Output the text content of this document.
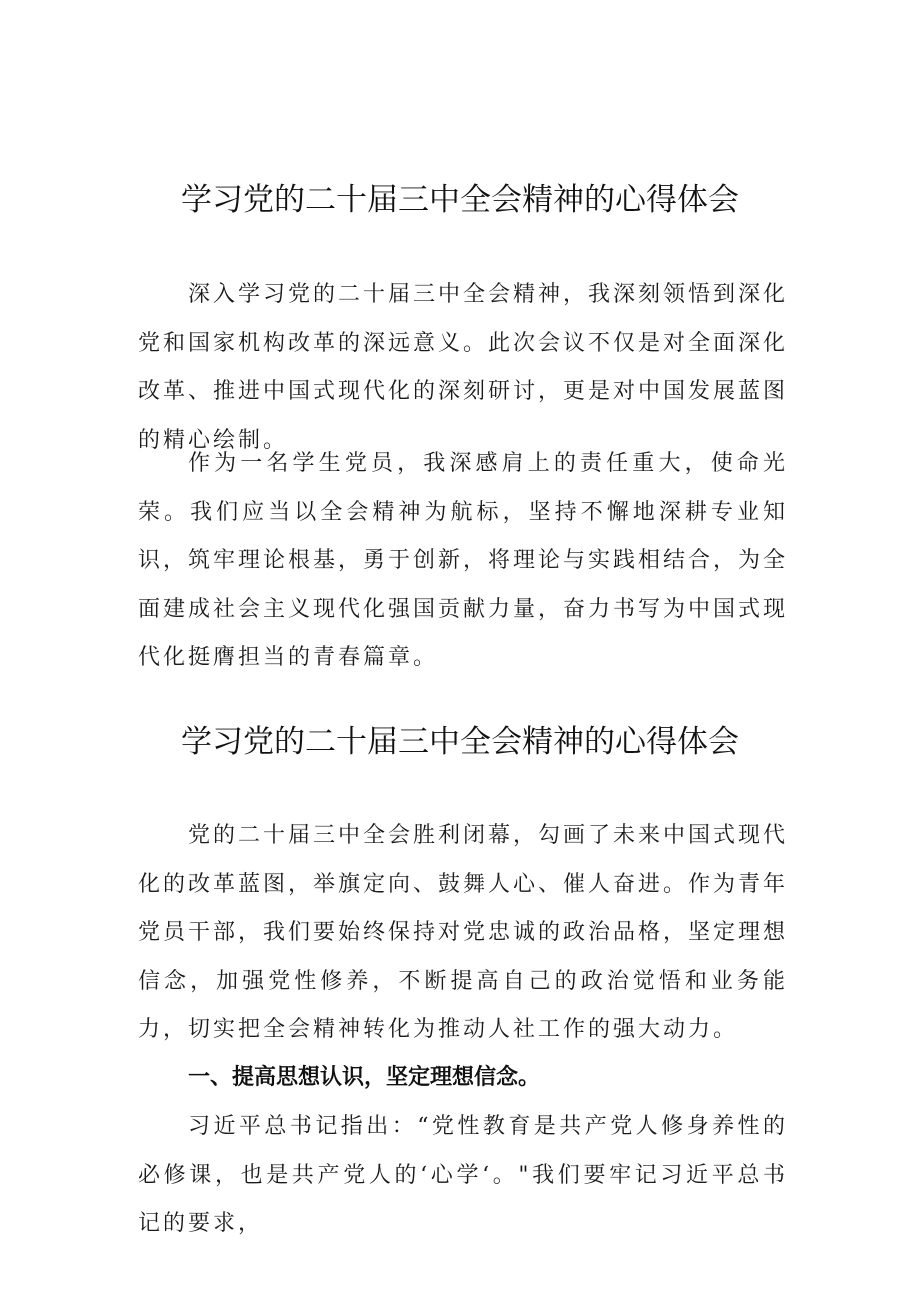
学习党的二十届三中全会精神的心得体会

深入学习党的二十届三中全会精神，我深刻领悟到深化党和国家机构改革的深远意义。此次会议不仅是对全面深化改革、推进中国式现代化的深刻研讨，更是对中国发展蓝图的精心绘制。

作为一名学生党员，我深感肩上的责任重大，使命光荣。我们应当以全会精神为航标，坚持不懈地深耕专业知识，筑牢理论根基，勇于创新，将理论与实践相结合，为全面建成社会主义现代化强国贡献力量，奋力书写为中国式现代化挺膺担当的青春篇章。

学习党的二十届三中全会精神的心得体会

党的二十届三中全会胜利闭幕，勾画了未来中国式现代化的改革蓝图，举旗定向、鼓舞人心、催人奋进。作为青年党员干部，我们要始终保持对党忠诚的政治品格，坚定理想信念，加强党性修养，不断提高自己的政治觉悟和业务能力，切实把全会精神转化为推动人社工作的强大动力。

一、提高思想认识，坚定理想信念。

习近平总书记指出：“党性教育是共产党人修身养性的必修课，也是共产党人的‘心学‘。"我们要牢记习近平总书记的要求，
